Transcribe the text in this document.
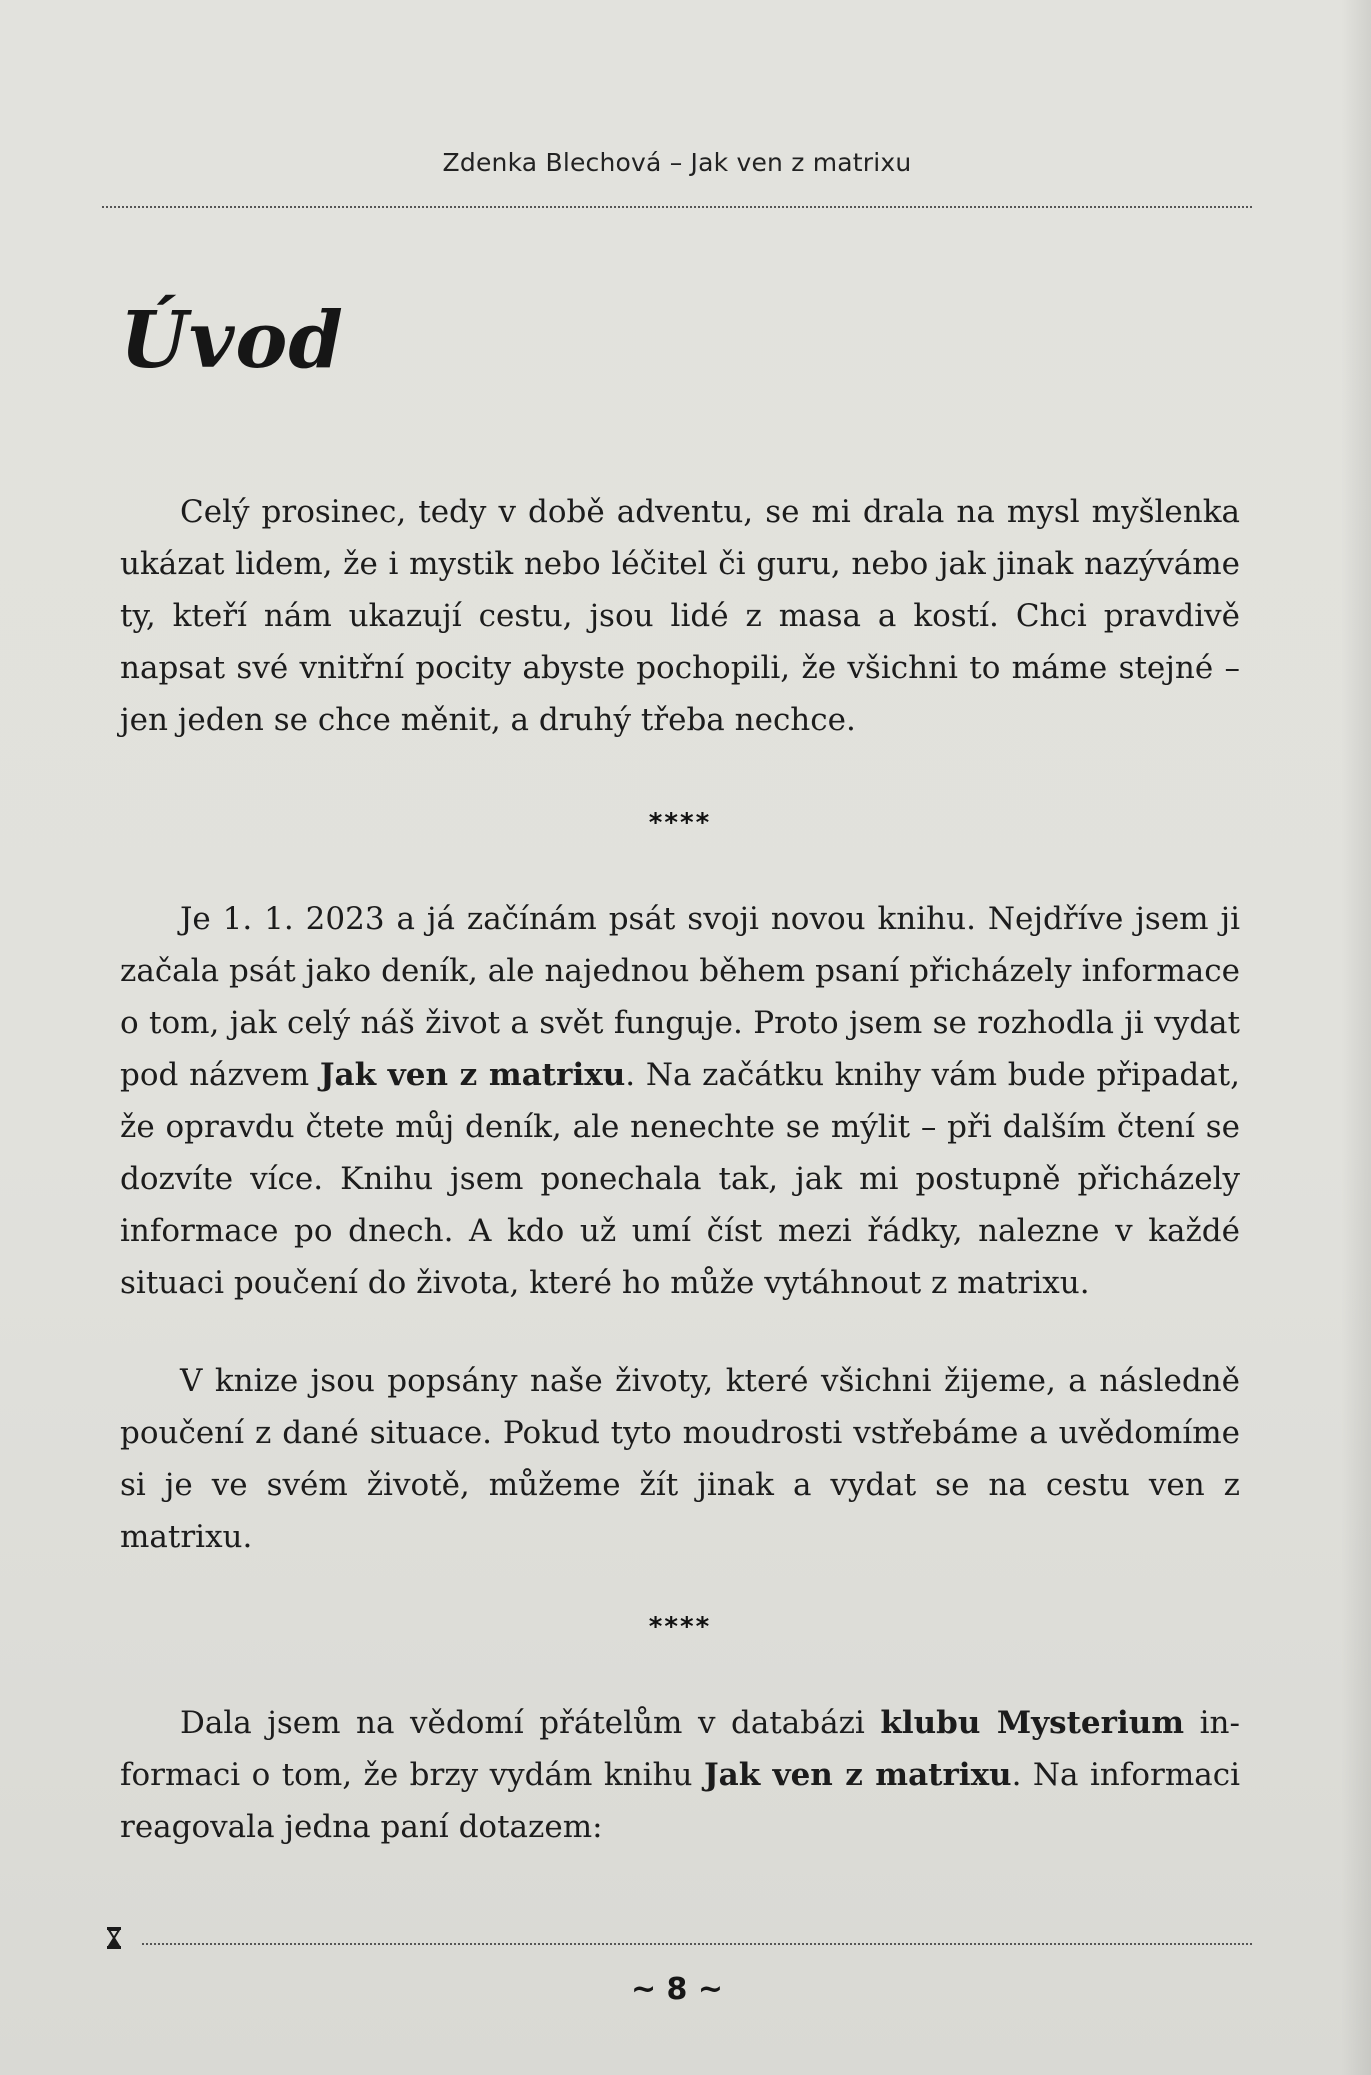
Zdenka Blechová – Jak ven z matrixu
Úvod

Celý prosinec, tedy v době adventu, se mi drala na mysl myšlenka ukázat lidem, že i mystik nebo léčitel či guru, nebo jak jinak nazýváme ty, kteří nám ukazují cestu, jsou lidé z masa a kostí. Chci pravdivě napsat své vnitřní pocity abyste pochopili, že všichni to máme stejné – jen jeden se chce měnit, a druhý třeba nechce.

****

Je 1. 1. 2023 a já začínám psát svoji novou knihu. Nejdříve jsem ji začala psát jako deník, ale najednou během psaní přicházely informace o tom, jak celý náš život a svět funguje. Proto jsem se rozhodla ji vydat pod názvem Jak ven z matrixu. Na začátku knihy vám bude připadat, že opravdu čtete můj deník, ale nenechte se mýlit – při dalším čtení se dozvíte více. Knihu jsem ponechala tak, jak mi postupně přicházely informace po dnech. A kdo už umí číst mezi řádky, nalezne v každé situaci poučení do života, které ho může vytáhnout z matrixu.

V knize jsou popsány naše životy, které všichni žijeme, a následně poučení z dané situace. Pokud tyto moudrosti vstřebáme a uvědomíme si je ve svém životě, můžeme žít jinak a vydat se na cestu ven z matrixu.

****

Dala jsem na vědomí přátelům v databázi klubu Mysterium informaci o tom, že brzy vydám knihu Jak ven z matrixu. Na informaci reagovala jedna paní dotazem:

~ 8 ~
